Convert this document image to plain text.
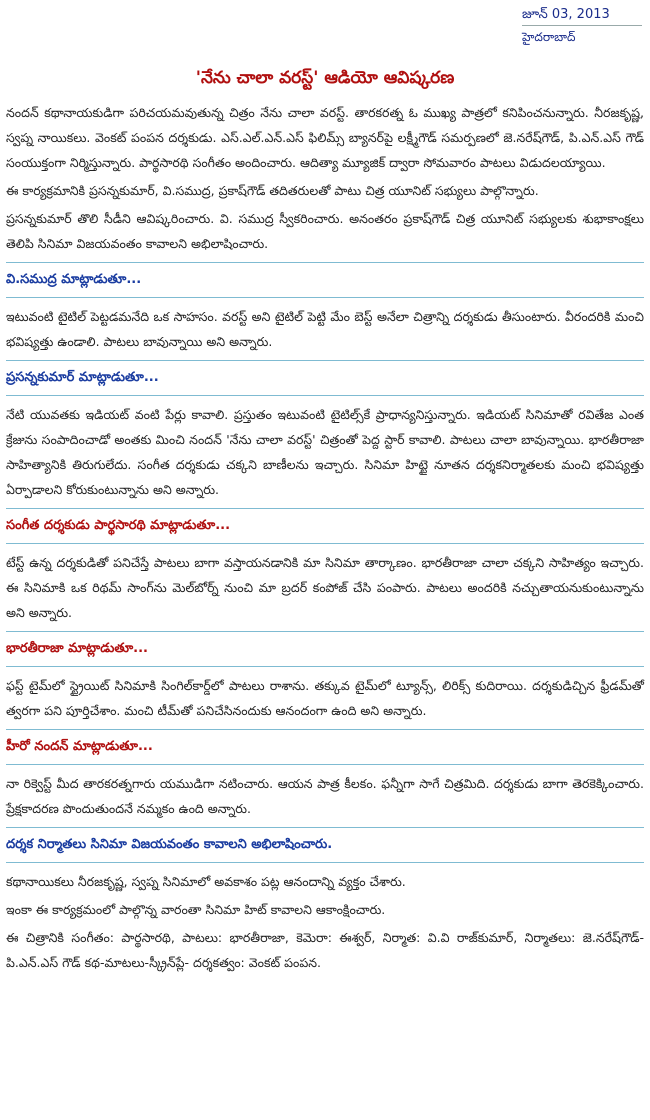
జూన్ 03, 2013
హైదరాబాద్
'నేను చాలా వరస్ట్' ఆడియో ఆవిష్కరణ

నందన్ కథానాయకుడిగా పరిచయమవుతున్న చిత్రం నేను చాలా వరస్ట్. తారకరత్న ఓ ముఖ్య పాత్రలో కనిపించనున్నారు. నీరజకృష్ణ, స్వప్న నాయికలు. వెంకట్ పంపన దర్శకుడు. ఎస్.ఎల్.ఎన్.ఎస్ ఫిలిమ్స్ బ్యానర్‌పై లక్ష్మీగౌడ్ సమర్పణలో జె.నరేష్‌గౌడ్, పి.ఎన్.ఎస్ గౌడ్ సంయుక్తంగా నిర్మిస్తున్నారు. పార్థసారథి సంగీతం అందించారు. ఆదిత్యా మ్యూజిక్ ద్వారా సోమవారం పాటలు విడుదలయ్యాయి.

ఈ కార్యక్రమానికి ప్రసన్నకుమార్, వి.సముద్ర, ప్రకాష్‌గౌడ్ తదితరులతో పాటు చిత్ర యూనిట్ సభ్యులు పాల్గొన్నారు.

ప్రసన్నకుమార్ తొలి సీడీని ఆవిష్కరించారు. వి. సముద్ర స్వీకరించారు. అనంతరం ప్రకాష్‌గౌడ్ చిత్ర యూనిట్ సభ్యులకు శుభాకాంక్షలు తెలిపి సినిమా విజయవంతం కావాలని అభిలాషించారు.

వి.సముద్ర మాట్లాడుతూ...

ఇటువంటి టైటిల్ పెట్టడమనేది ఒక సాహసం. వరస్ట్ అని టైటిల్ పెట్టి మేం బెస్ట్ అనేలా చిత్రాన్ని దర్శకుడు తీసుంటారు. వీరందరికి మంచి భవిష్యత్తు ఉండాలి. పాటలు బావున్నాయి అని అన్నారు.

ప్రసన్నకుమార్ మాట్లాడుతూ...

నేటి యువతకు ఇడియట్ వంటి పేర్లు కావాలి. ప్రస్తుతం ఇటువంటి టైటిల్స్‌కే ప్రాధాన్యనిస్తున్నారు. ఇడియట్ సినిమాతో రవితేజ ఎంత క్రేజును సంపాదించాడో అంతకు మించి నందన్ 'నేను చాలా వరస్ట్' చిత్రంతో పెద్ద స్టార్ కావాలి. పాటలు చాలా బావున్నాయి. భారతీరాజా సాహిత్యానికి తిరుగులేదు. సంగీత దర్శకుడు చక్కని బాణీలను ఇచ్చారు. సినిమా హిట్టై నూతన దర్శకనిర్మాతలకు మంచి భవిష్యత్తు ఏర్పాడాలని కోరుకుంటున్నాను అని అన్నారు.

సంగీత దర్శకుడు పార్థసారథి మాట్లాడుతూ...

టేస్ట్ ఉన్న దర్శకుడితో పనిచేస్తే పాటలు బాగా వస్తాయనడానికి మా సినిమా తార్కాణం. భారతీరాజా చాలా చక్కని సాహిత్యం ఇచ్చారు. ఈ సినిమాకి ఒక రిథమ్ సాంగ్‌ను మెల్‌బోర్న్ నుంచి మా బ్రదర్ కంపోజ్ చేసి పంపారు. పాటలు అందరికి నచ్చుతాయనుకుంటున్నాను అని అన్నారు.

భారతీరాజా మాట్లాడుతూ...

ఫస్ట్ టైమ్‌లో స్ట్రైయిట్ సినిమాకి సింగిల్‌కార్డ్‌లో పాటలు రాశాను. తక్కువ టైమ్‌లో ట్యూన్స్, లిరిక్స్ కుదిరాయి. దర్శకుడిచ్చిన ఫ్రీడమ్‌తో త్వరగా పని పూర్తిచేశాం. మంచి టీమ్‌తో పనిచేసినందుకు ఆనందంగా ఉంది అని అన్నారు.

హీరో నందన్ మాట్లాడుతూ...

నా రిక్వెస్ట్ మీద తారకరత్నగారు యముడిగా నటించారు. ఆయన పాత్ర కీలకం. ఫన్నీగా సాగే చిత్రమిది. దర్శకుడు బాగా తెరకెక్కించారు. ప్రేక్షకాదరణ పొందుతుందనే నమ్మకం ఉంది అన్నారు.

దర్శక నిర్మాతలు సినిమా విజయవంతం కావాలని అభిలాషించారు.

కథానాయికలు నీరజకృష్ణ, స్వప్న సినిమాలో అవకాశం పట్ల ఆనందాన్ని వ్యక్తం చేశారు.

ఇంకా ఈ కార్యక్రమంలో పాల్గొన్న వారంతా సినిమా హిట్ కావాలని ఆకాంక్షించారు.

ఈ చిత్రానికి సంగీతం: పార్థసారథి, పాటలు: భారతీరాజా, కెమెరా: ఈశ్వర్, నిర్మాత: వి.వి రాజ్‌కుమార్, నిర్మాతలు: జె.నరేష్‌గౌడ్-పి.ఎన్.ఎస్ గౌడ్ కథ-మాటలు-స్క్రీన్‌ప్లే- దర్శకత్వం: వెంకట్ పంపన.
